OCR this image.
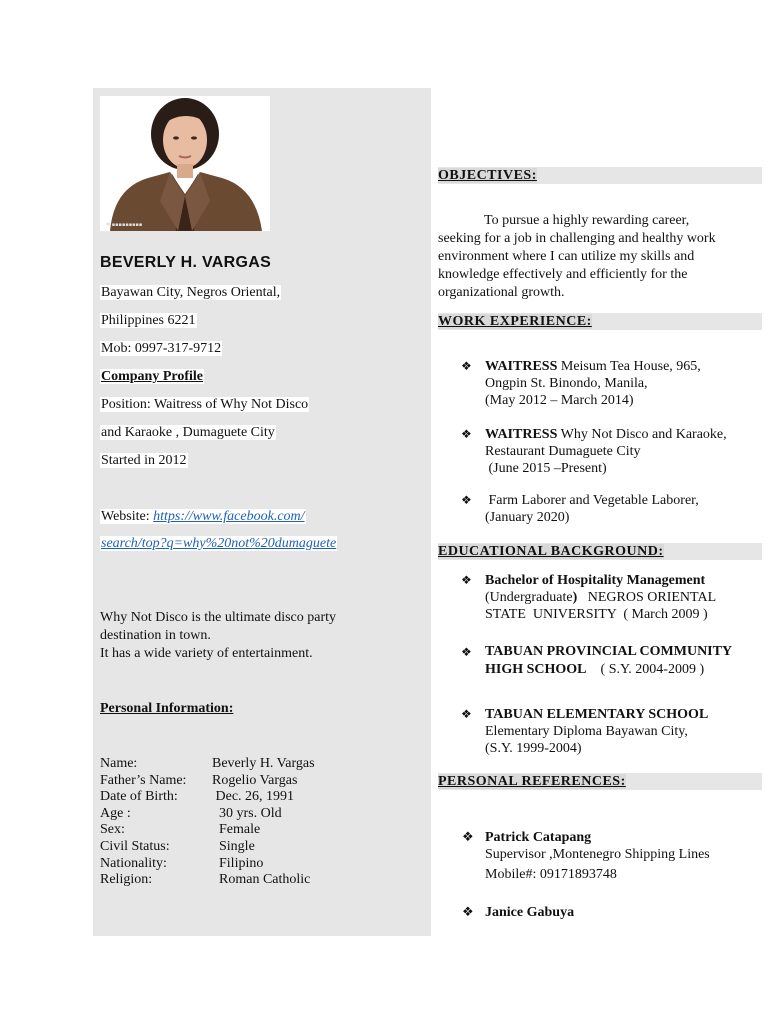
✱ ▪▪▪▪▪▪▪▪▪
BEVERLY H. VARGAS
Bayawan City, Negros Oriental,
Philippines 6221
Mob: 0997-317-9712
Company Profile
Position: Waitress of Why Not Disco
and Karaoke , Dumaguete City
Started in 2012
Website: https://www.facebook.com/
search/top?q=why%20not%20dumaguete
Why Not Disco is the ultimate disco party
destination in town.
It has a wide variety of entertainment.
Personal Information:
Name:	Beverly H. Vargas
Father’s Name:	Rogelio Vargas
Date of Birth:	Dec. 26, 1991
Age :	30 yrs. Old
Sex:	Female
Civil Status:	Single
Nationality:	Filipino
Religion:	Roman Catholic
OBJECTIVES:
To pursue a highly rewarding career,
seeking for a job in challenging and healthy work
environment where I can utilize my skills and
knowledge effectively and efficiently for the
organizational growth.
WORK EXPERIENCE:
❖ WAITRESS Meisum Tea House, 965,
Ongpin St. Binondo, Manila,
(May 2012 – March 2014)
❖ WAITRESS Why Not Disco and Karaoke,
Restaurant Dumaguete City
(June 2015 –Present)
❖ Farm Laborer and Vegetable Laborer,
(January 2020)
EDUCATIONAL BACKGROUND:
❖ Bachelor of Hospitality Management
(Undergraduate)   NEGROS ORIENTAL
STATE  UNIVERSITY  ( March 2009 )
❖ TABUAN PROVINCIAL COMMUNITY
HIGH SCHOOL    ( S.Y. 2004-2009 )
❖ TABUAN ELEMENTARY SCHOOL
Elementary Diploma Bayawan City,
(S.Y. 1999-2004)
PERSONAL REFERENCES:
❖ Patrick Catapang
Supervisor ,Montenegro Shipping Lines
Mobile#: 09171893748
❖ Janice Gabuya
